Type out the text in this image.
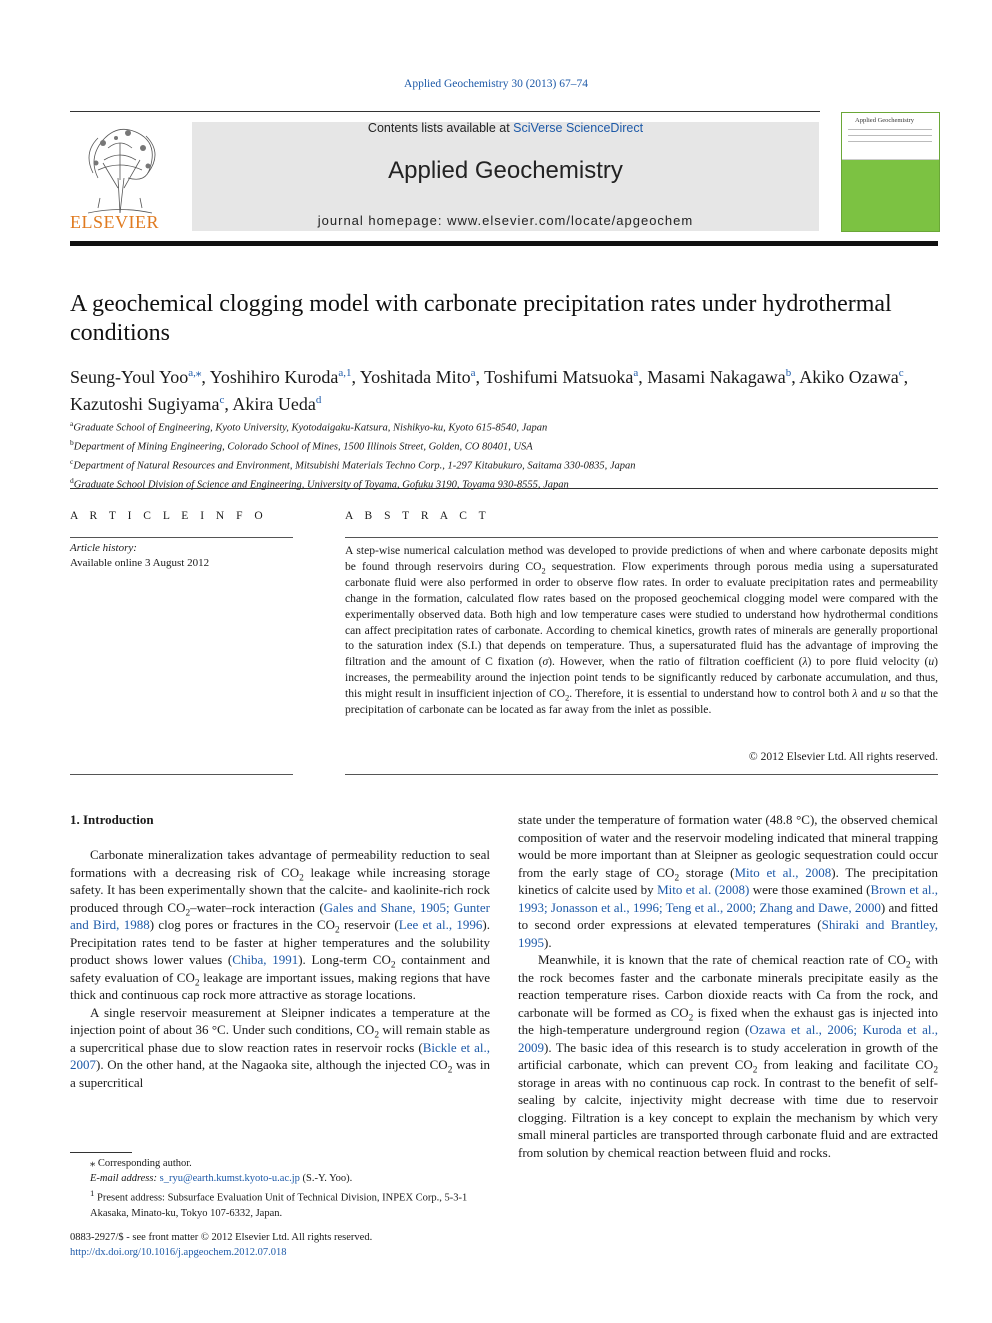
Applied Geochemistry 30 (2013) 67–74
ELSEVIER
Contents lists available at SciVerse ScienceDirect
Applied Geochemistry
journal homepage: www.elsevier.com/locate/apgeochem
Applied Geochemistry
A geochemical clogging model with carbonate precipitation rates under hydrothermal conditions
Seung-Youl Yoo$^{a,⁎}$, Yoshihiro Kuroda$^{a,1}$, Yoshitada Mito$^a$, Toshifumi Matsuoka$^a$, Masami Nakagawa$^b$, Akiko Ozawa$^c$, Kazutoshi Sugiyama$^c$, Akira Ueda$^d$
$^a$Graduate School of Engineering, Kyoto University, Kyotodaigaku-Katsura, Nishikyo-ku, Kyoto 615-8540, Japan
$^b$Department of Mining Engineering, Colorado School of Mines, 1500 Illinois Street, Golden, CO 80401, USA
$^c$Department of Natural Resources and Environment, Mitsubishi Materials Techno Corp., 1-297 Kitabukuro, Saitama 330-0835, Japan
$^d$Graduate School Division of Science and Engineering, University of Toyama, Gofuku 3190, Toyama 930-8555, Japan
A R T I C L E I N F O	A B S T R A C T
Article history:
Available online 3 August 2012
A step-wise numerical calculation method was developed to provide predictions of when and where carbonate deposits might be found through reservoirs during $CO_2$ sequestration. Flow experiments through porous media using a supersaturated carbonate fluid were also performed in order to observe flow rates. In order to evaluate precipitation rates and permeability change in the formation, calculated flow rates based on the proposed geochemical clogging model were compared with the experimentally observed data. Both high and low temperature cases were studied to understand how hydrothermal conditions can affect precipitation rates of carbonate. According to chemical kinetics, growth rates of minerals are generally proportional to the saturation index (S.I.) that depends on temperature. Thus, a supersaturated fluid has the advantage of improving the filtration and the amount of C fixation (σ). However, when the ratio of filtration coefficient (λ) to pore fluid velocity (u) increases, the permeability around the injection point tends to be significantly reduced by carbonate accumulation, and thus, this might result in insufficient injection of $CO_2$. Therefore, it is essential to understand how to control both λ and u so that the precipitation of carbonate can be located as far away from the inlet as possible.
© 2012 Elsevier Ltd. All rights reserved.
1. Introduction

Carbonate mineralization takes advantage of permeability reduction to seal formations with a decreasing risk of $CO_2$ leakage while increasing storage safety. It has been experimentally shown that the calcite- and kaolinite-rich rock produced through $CO_2-water$–rock interaction (Gales and Shane, 1905; Gunter and Bird, 1988) clog pores or fractures in the $CO_2$ reservoir (Lee et al., 1996). Precipitation rates tend to be faster at higher temperatures and the solubility product shows lower values (Chiba, 1991). Long-term $CO_2$ containment and safety evaluation of $CO_2$ leakage are important issues, making regions that have thick and continuous cap rock more attractive as storage locations.

A single reservoir measurement at Sleipner indicates a temperature at the injection point of about 36 °C. Under such conditions, $CO_2$ will remain stable as a supercritical phase due to slow reaction rates in reservoir rocks (Bickle et al., 2007). On the other hand, at the Nagaoka site, although the injected $CO_2$ was in a supercritical

state under the temperature of formation water (48.8 °C), the observed chemical composition of water and the reservoir modeling indicated that mineral trapping would be more important than at Sleipner as geologic sequestration could occur from the early stage of $CO_2$ storage (Mito et al., 2008). The precipitation kinetics of calcite used by Mito et al. (2008) were those examined (Brown et al., 1993; Jonasson et al., 1996; Teng et al., 2000; Zhang and Dawe, 2000) and fitted to second order expressions at elevated temperatures (Shiraki and Brantley, 1995).

Meanwhile, it is known that the rate of chemical reaction rate of $CO_2$ with the rock becomes faster and the carbonate minerals precipitate easily as the reaction temperature rises. Carbon dioxide reacts with Ca from the rock, and carbonate will be formed as $CO_2$ is fixed when the exhaust gas is injected into the high-temperature underground region (Ozawa et al., 2006; Kuroda et al., 2009). The basic idea of this research is to study acceleration in growth of the artificial carbonate, which can prevent $CO_2$ from leaking and facilitate $CO_2$ storage in areas with no continuous cap rock. In contrast to the benefit of self-sealing by calcite, injectivity might decrease with time due to reservoir clogging. Filtration is a key concept to explain the mechanism by which very small mineral particles are transported through carbonate fluid and are extracted from solution by chemical reaction between fluid and rocks.

⁎ Corresponding author.
E-mail address: s_ryu@earth.kumst.kyoto-u.ac.jp (S.-Y. Yoo).
$^1$ Present address: Subsurface Evaluation Unit of Technical Division, INPEX Corp., 5-3-1 Akasaka, Minato-ku, Tokyo 107-6332, Japan.
0883-2927/$ - see front matter © 2012 Elsevier Ltd. All rights reserved.
http://dx.doi.org/10.1016/j.apgeochem.2012.07.018
